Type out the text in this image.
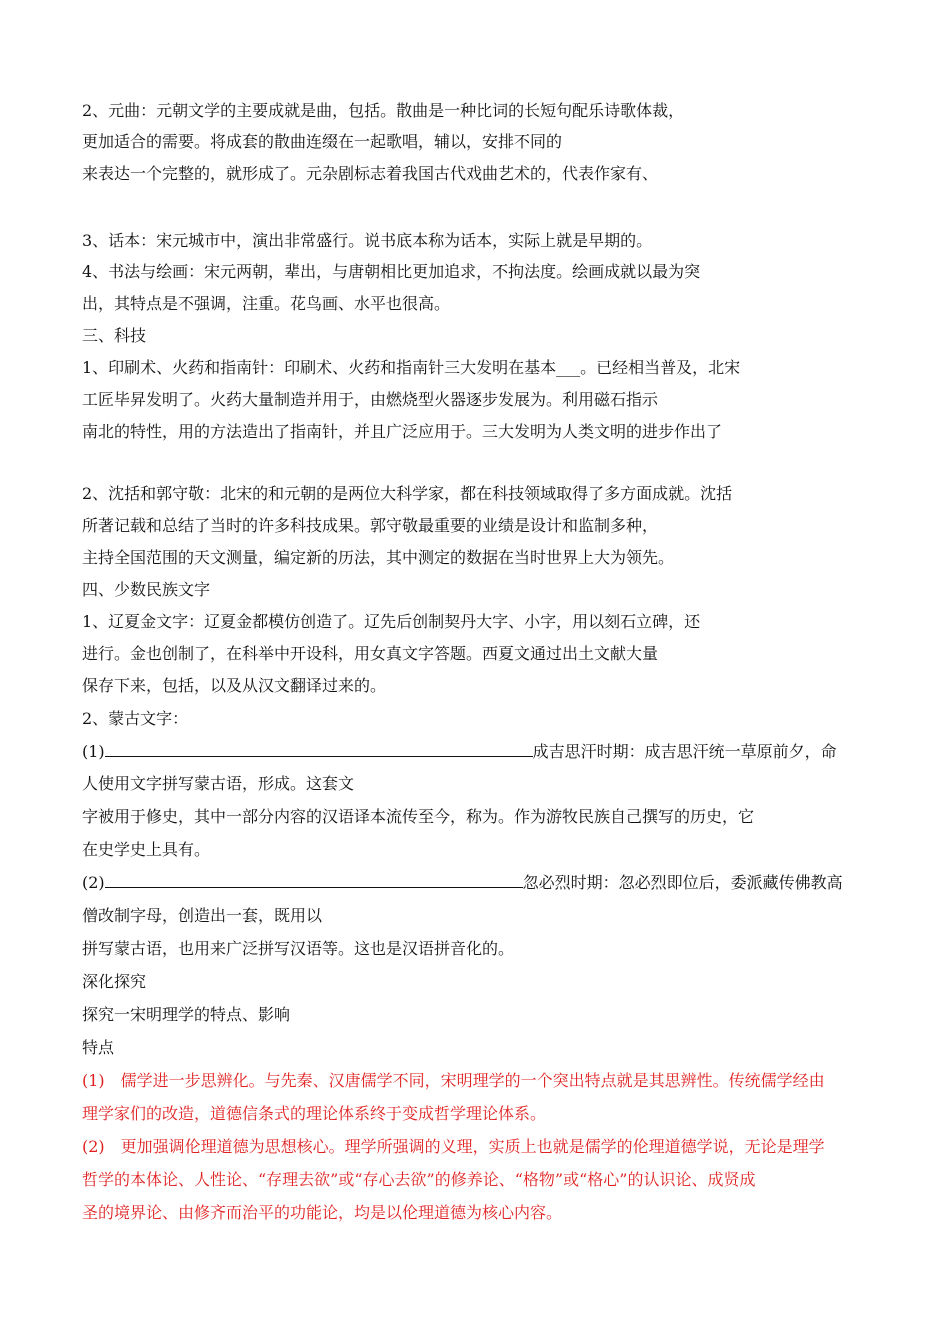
2、元曲：元朝文学的主要成就是曲，包括。散曲是一种比词的长短句配乐诗歌体裁，
更加适合的需要。将成套的散曲连缀在一起歌唱，辅以，安排不同的
来表达一个完整的，就形成了。元杂剧标志着我国古代戏曲艺术的，代表作家有、
3、话本：宋元城市中，演出非常盛行。说书底本称为话本，实际上就是早期的。
4、书法与绘画：宋元两朝，辈出，与唐朝相比更加追求，不拘法度。绘画成就以最为突
出，其特点是不强调，注重。花鸟画、水平也很高。
三、科技
1、印刷术、火药和指南针：印刷术、火药和指南针三大发明在基本___。已经相当普及，北宋
工匠毕昇发明了。火药大量制造并用于，由燃烧型火器逐步发展为。利用磁石指示
南北的特性，用的方法造出了指南针，并且广泛应用于。三大发明为人类文明的进步作出了
2、沈括和郭守敬：北宋的和元朝的是两位大科学家，都在科技领域取得了多方面成就。沈括
所著记载和总结了当时的许多科技成果。郭守敬最重要的业绩是设计和监制多种，
主持全国范围的天文测量，编定新的历法，其中测定的数据在当时世界上大为领先。
四、少数民族文字
1、辽夏金文字：辽夏金都模仿创造了。辽先后创制契丹大字、小字，用以刻石立碑，还
进行。金也创制了，在科举中开设科，用女真文字答题。西夏文通过出土文献大量
保存下来，包括，以及从汉文翻译过来的。
2、蒙古文字：
(1)	成吉思汗时期：成吉思汗统一草原前夕，命
人使用文字拼写蒙古语，形成。这套文
字被用于修史，其中一部分内容的汉语译本流传至今，称为。作为游牧民族自己撰写的历史，它
在史学史上具有。
(2)	忽必烈时期：忽必烈即位后，委派藏传佛教高
僧改制字母，创造出一套，既用以
拼写蒙古语，也用来广泛拼写汉语等。这也是汉语拼音化的。
深化探究
探究一宋明理学的特点、影响
特点
(1)　儒学进一步思辨化。与先秦、汉唐儒学不同，宋明理学的一个突出特点就是其思辨性。传统儒学经由
理学家们的改造，道德信条式的理论体系终于变成哲学理论体系。
(2)　更加强调伦理道德为思想核心。理学所强调的义理，实质上也就是儒学的伦理道德学说，无论是理学
哲学的本体论、人性论、“存理去欲”或“存心去欲”的修养论、“格物”或“格心”的认识论、成贤成
圣的境界论、由修齐而治平的功能论，均是以伦理道德为核心内容。
